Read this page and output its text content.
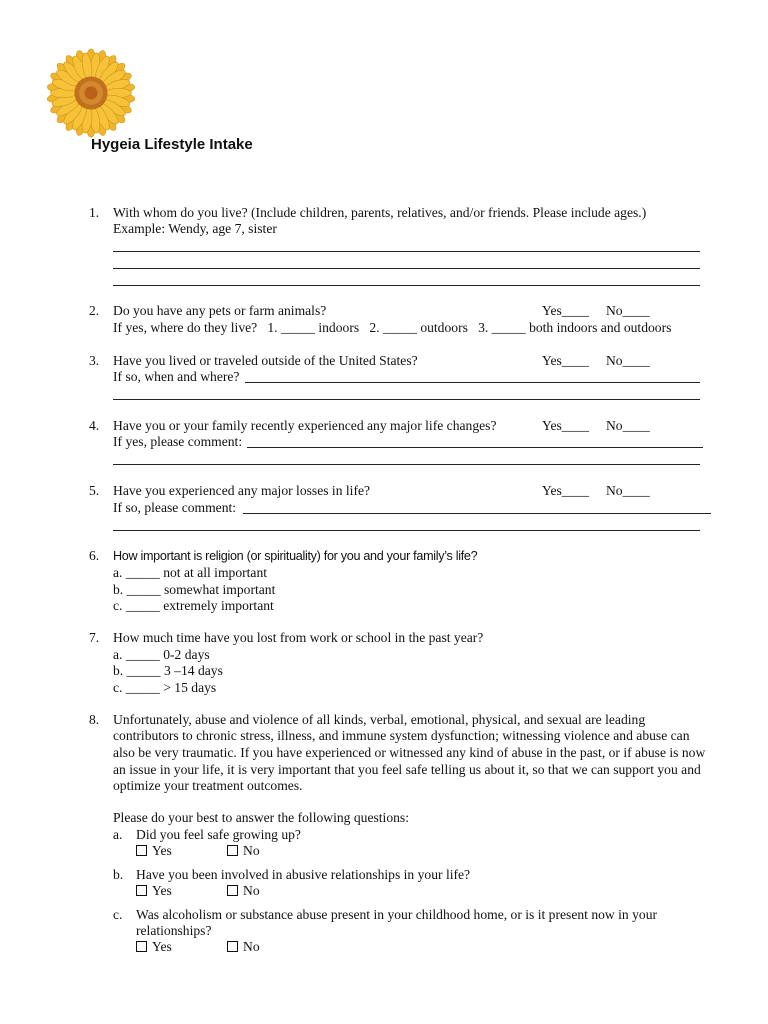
Hygeia Lifestyle Intake
1. With whom do you live? (Include children, parents, relatives, and/or friends. Please include ages.)
Example: Wendy, age 7, sister
2. Do you have any pets or farm animals?	Yes____     No____
If yes, where do they live?   1. _____ indoors   2. _____ outdoors   3. _____ both indoors and outdoors
3. Have you lived or traveled outside of the United States?	Yes____     No____
If so, when and where?
4. Have you or your family recently experienced any major life changes?	Yes____     No____
If yes, please comment:
5. Have you experienced any major losses in life?	Yes____     No____
If so, please comment:
6. How important is religion (or spirituality) for you and your family’s life?
a. _____ not at all important
b. _____ somewhat important
c. _____ extremely important
7. How much time have you lost from work or school in the past year?
a. _____ 0-2 days
b. _____ 3 –14 days
c. _____ > 15 days
8. Unfortunately, abuse and violence of all kinds, verbal, emotional, physical, and sexual are leading
contributors to chronic stress, illness, and immune system dysfunction; witnessing violence and abuse can
also be very traumatic. If you have experienced or witnessed any kind of abuse in the past, or if abuse is now
an issue in your life, it is very important that you feel safe telling us about it, so that we can support you and
optimize your treatment outcomes.
Please do your best to answer the following questions:
a. Did you feel safe growing up?
Yes	No
b. Have you been involved in abusive relationships in your life?
Yes	No
c. Was alcoholism or substance abuse present in your childhood home, or is it present now in your
relationships?
Yes	No
